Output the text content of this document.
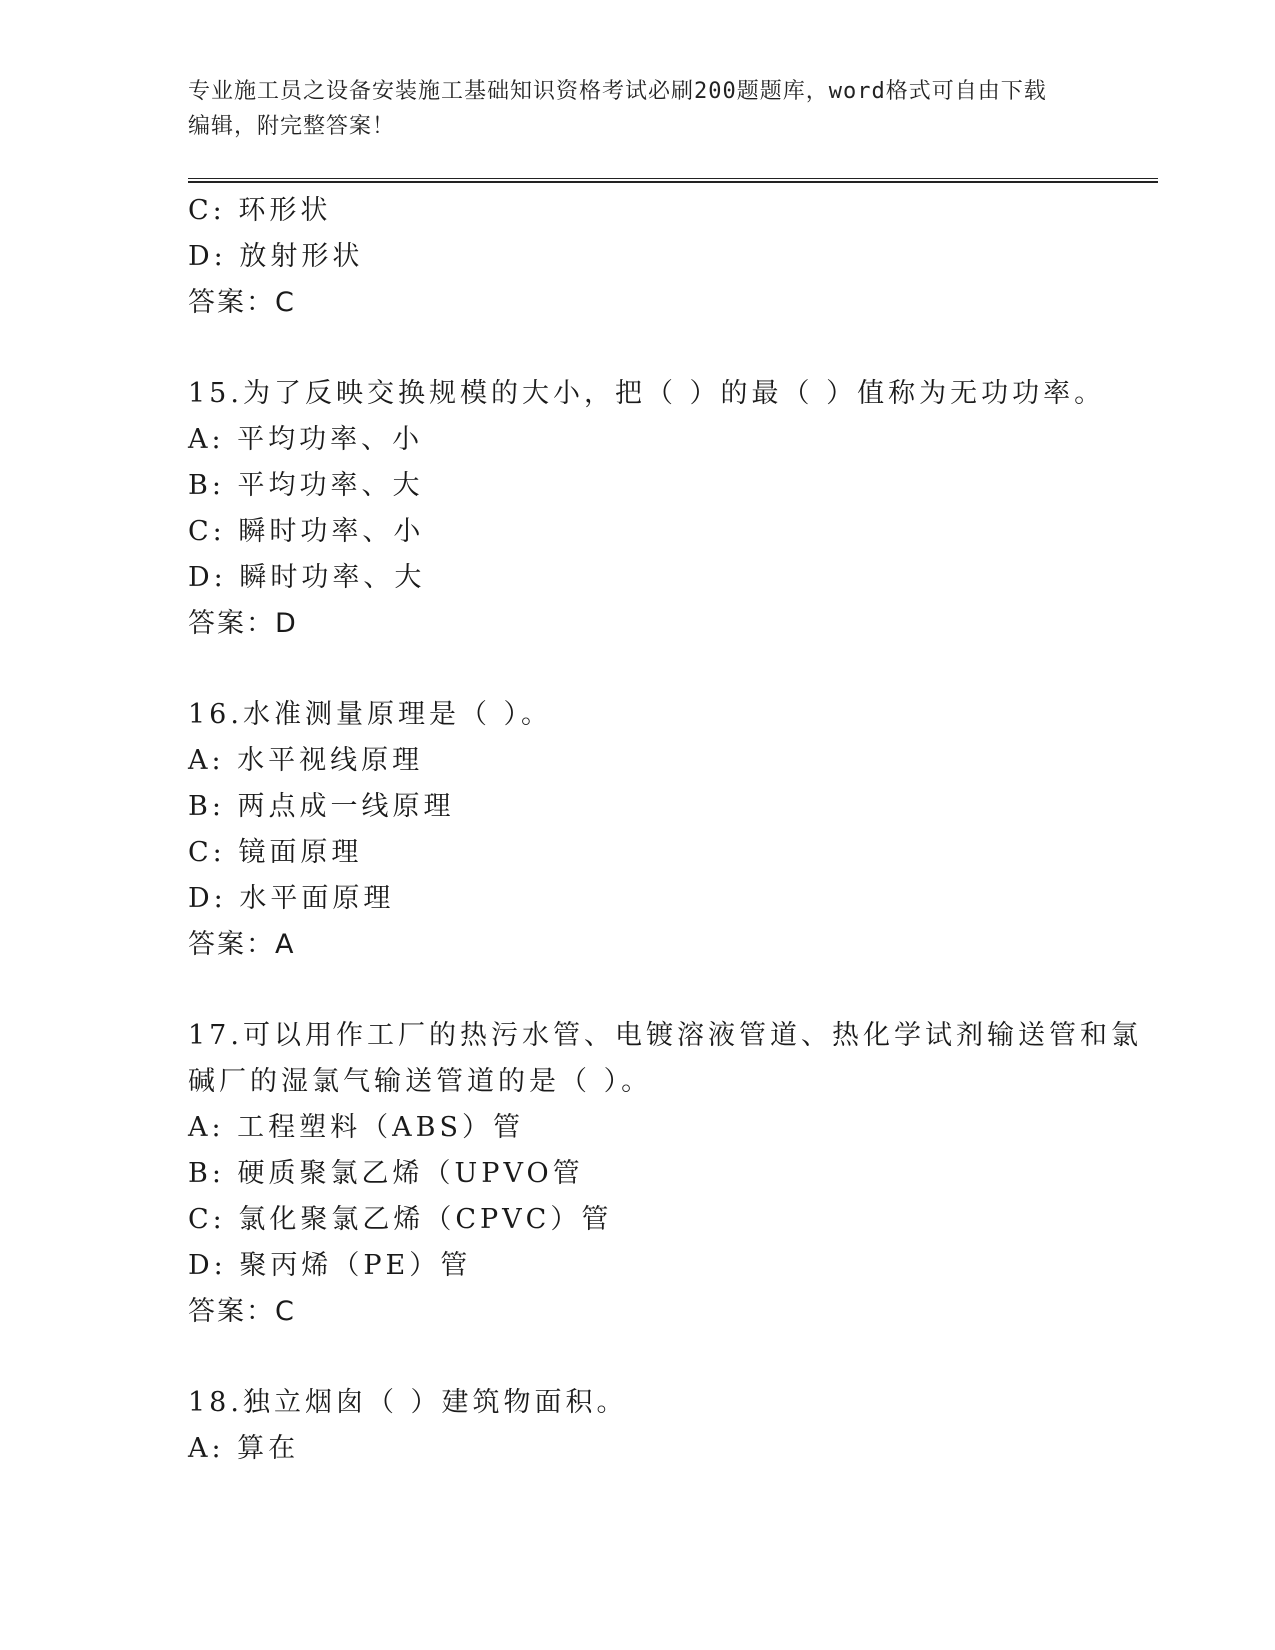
专业施工员之设备安装施工基础知识资格考试必刷200题题库，word格式可自由下载编辑，附完整答案！
C: 环形状
D: 放射形状
答案：C
15.为了反映交换规模的大小，把（ ）的最（ ）值称为无功功率。
A: 平均功率、小
B: 平均功率、大
C: 瞬时功率、小
D: 瞬时功率、大
答案：D
16.水准测量原理是（ ）。
A: 水平视线原理
B: 两点成一线原理
C: 镜面原理
D: 水平面原理
答案：A
17.可以用作工厂的热污水管、电镀溶液管道、热化学试剂输送管和氯
碱厂的湿氯气输送管道的是（ ）。
A: 工程塑料（ABS）管
B: 硬质聚氯乙烯（UPVO管
C: 氯化聚氯乙烯（CPVC）管
D: 聚丙烯（PE）管
答案：C
18.独立烟囱（ ）建筑物面积。
A: 算在
